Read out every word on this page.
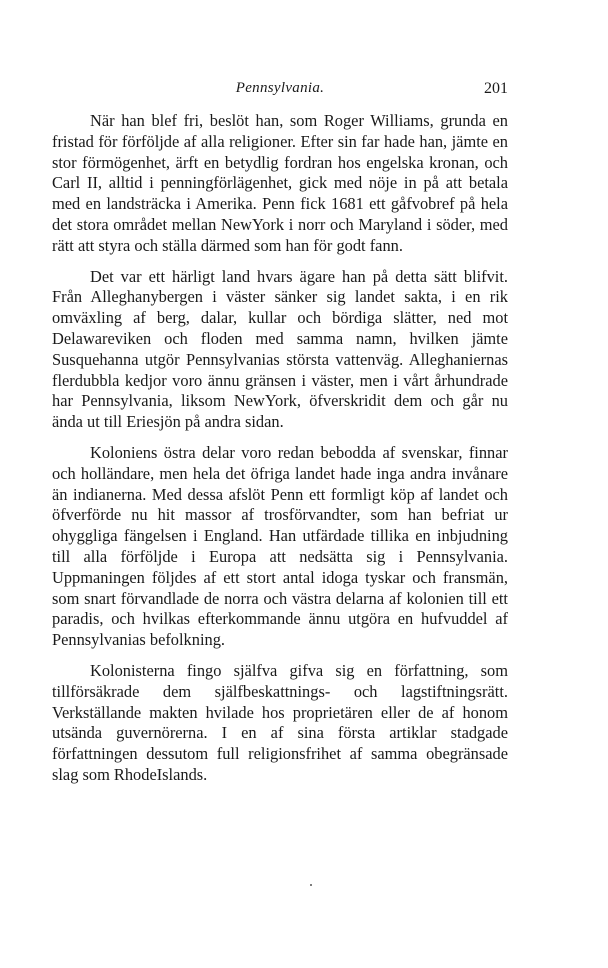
Pennsylvania.	201

När han blef fri, beslöt han, som Roger Williams, grunda en fristad för förföljde af alla religioner. Efter sin far hade han, jämte en stor förmögenhet, ärft en betydlig fordran hos engelska kronan, och Carl II, alltid i penningförlägenhet, gick med nöje in på att betala med en landsträcka i Amerika. Penn fick 1681 ett gåfvobref på hela det stora området mellan NewYork i norr och Maryland i söder, med rätt att styra och ställa därmed som han för godt fann.

Det var ett härligt land hvars ägare han på detta sätt blifvit. Från Alleghanybergen i väster sänker sig landet sakta, i en rik omväxling af berg, dalar, kullar och bördiga slätter, ned mot Delawareviken och floden med samma namn, hvilken jämte Susquehanna utgör Pennsylvanias största vattenväg. Alleghaniernas flerdubbla kedjor voro ännu gränsen i väster, men i vårt århundrade har Pennsylvania, liksom NewYork, öfverskridit dem och går nu ända ut till Eriesjön på andra sidan.

Koloniens östra delar voro redan bebodda af svenskar, finnar och holländare, men hela det öfriga landet hade inga andra invånare än indianerna. Med dessa afslöt Penn ett formligt köp af landet och öfverförde nu hit massor af trosförvandter, som han befriat ur ohyggliga fängelsen i England. Han utfärdade tillika en inbjudning till alla förföljde i Europa att nedsätta sig i Pennsylvania. Uppmaningen följdes af ett stort antal idoga tyskar och fransmän, som snart förvandlade de norra och västra delarna af kolonien till ett paradis, och hvilkas efterkommande ännu utgöra en hufvuddel af Pennsylvanias befolkning.

Kolonisterna fingo själfva gifva sig en författning, som tillförsäkrade dem själfbeskattnings- och lagstiftningsrätt. Verkställande makten hvilade hos proprietären eller de af honom utsända guvernörerna. I en af sina första artiklar stadgade författningen dessutom full religionsfrihet af samma obegränsade slag som RhodeIslands.
